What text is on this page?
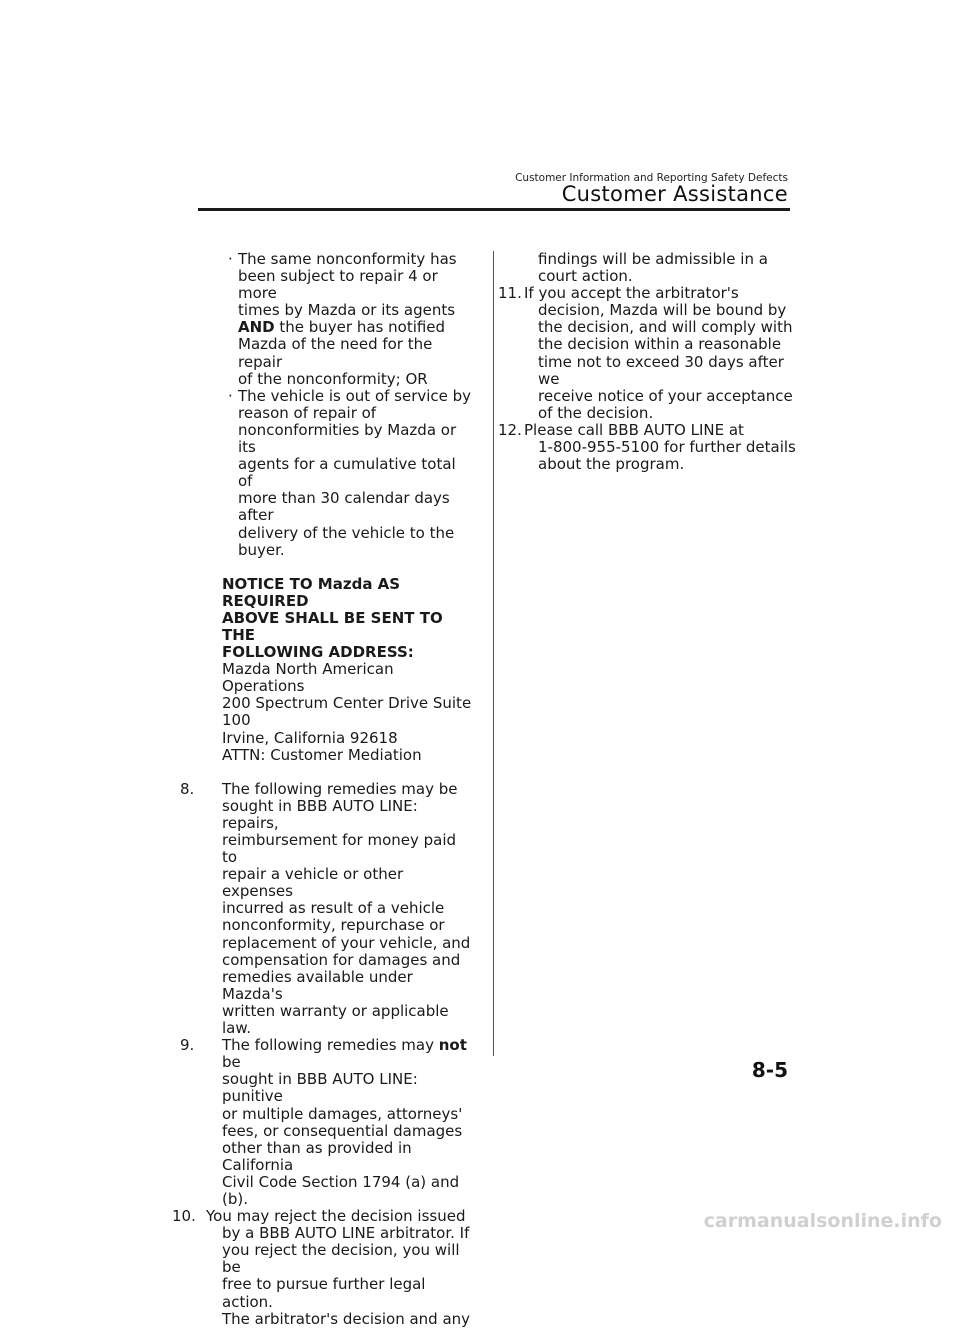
Customer Information and Reporting Safety Defects
Customer Assistance
· The same nonconformity has
been subject to repair 4 or more
times by Mazda or its agents
AND the buyer has notified
Mazda of the need for the repair
of the nonconformity; OR
· The vehicle is out of service by
reason of repair of
nonconformities by Mazda or its
agents for a cumulative total of
more than 30 calendar days after
delivery of the vehicle to the
buyer.
NOTICE TO Mazda AS REQUIRED
ABOVE SHALL BE SENT TO THE
FOLLOWING ADDRESS:
Mazda North American Operations
200 Spectrum Center Drive Suite
100
Irvine, California 92618
ATTN: Customer Mediation
8. The following remedies may be
sought in BBB AUTO LINE: repairs,
reimbursement for money paid to
repair a vehicle or other expenses
incurred as result of a vehicle
nonconformity, repurchase or
replacement of your vehicle, and
compensation for damages and
remedies available under Mazda's
written warranty or applicable law.
9. The following remedies may not be
sought in BBB AUTO LINE: punitive
or multiple damages, attorneys'
fees, or consequential damages
other than as provided in California
Civil Code Section 1794 (a) and
(b).
10. You may reject the decision issued
by a BBB AUTO LINE arbitrator. If
you reject the decision, you will be
free to pursue further legal action.
The arbitrator's decision and any
findings will be admissible in a
court action.
11. If you accept the arbitrator's
decision, Mazda will be bound by
the decision, and will comply with
the decision within a reasonable
time not to exceed 30 days after we
receive notice of your acceptance
of the decision.
12. Please call BBB AUTO LINE at
1-800-955-5100 for further details
about the program.
8-5
carmanualsonline.info
